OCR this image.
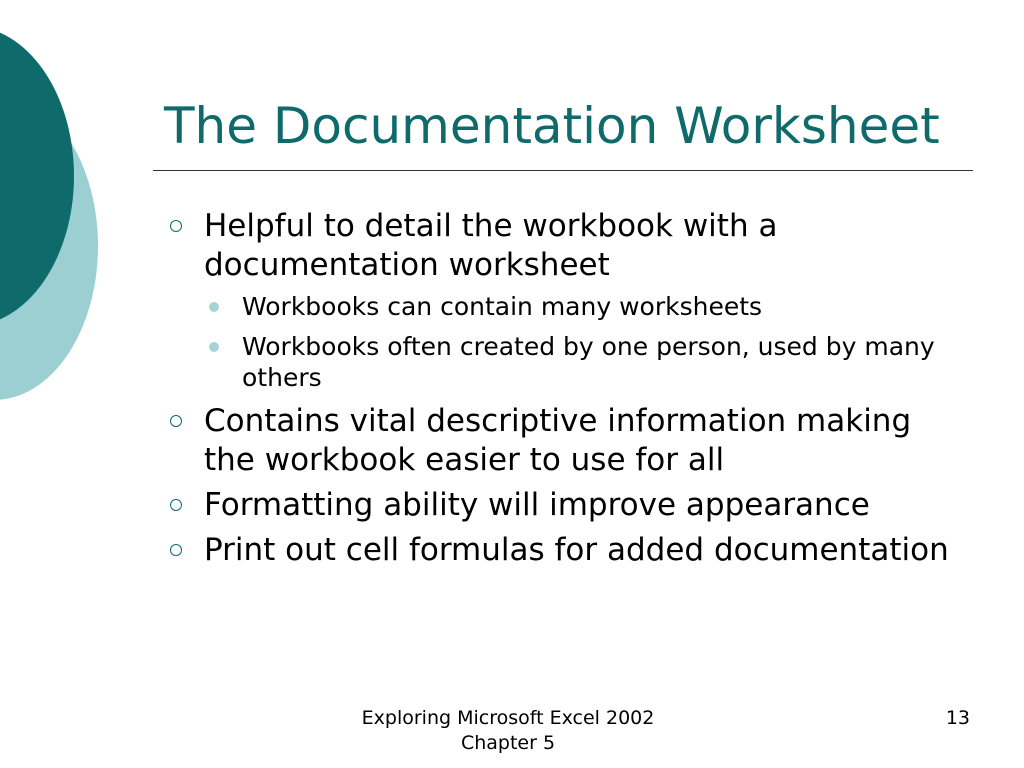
The Documentation Worksheet
Helpful to detail the workbook with a documentation worksheet
Workbooks can contain many worksheets
Workbooks often created by one person, used by many others
Contains vital descriptive information making the workbook easier to use for all
Formatting ability will improve appearance
Print out cell formulas for added documentation
Exploring Microsoft Excel 2002
Chapter 5
13
